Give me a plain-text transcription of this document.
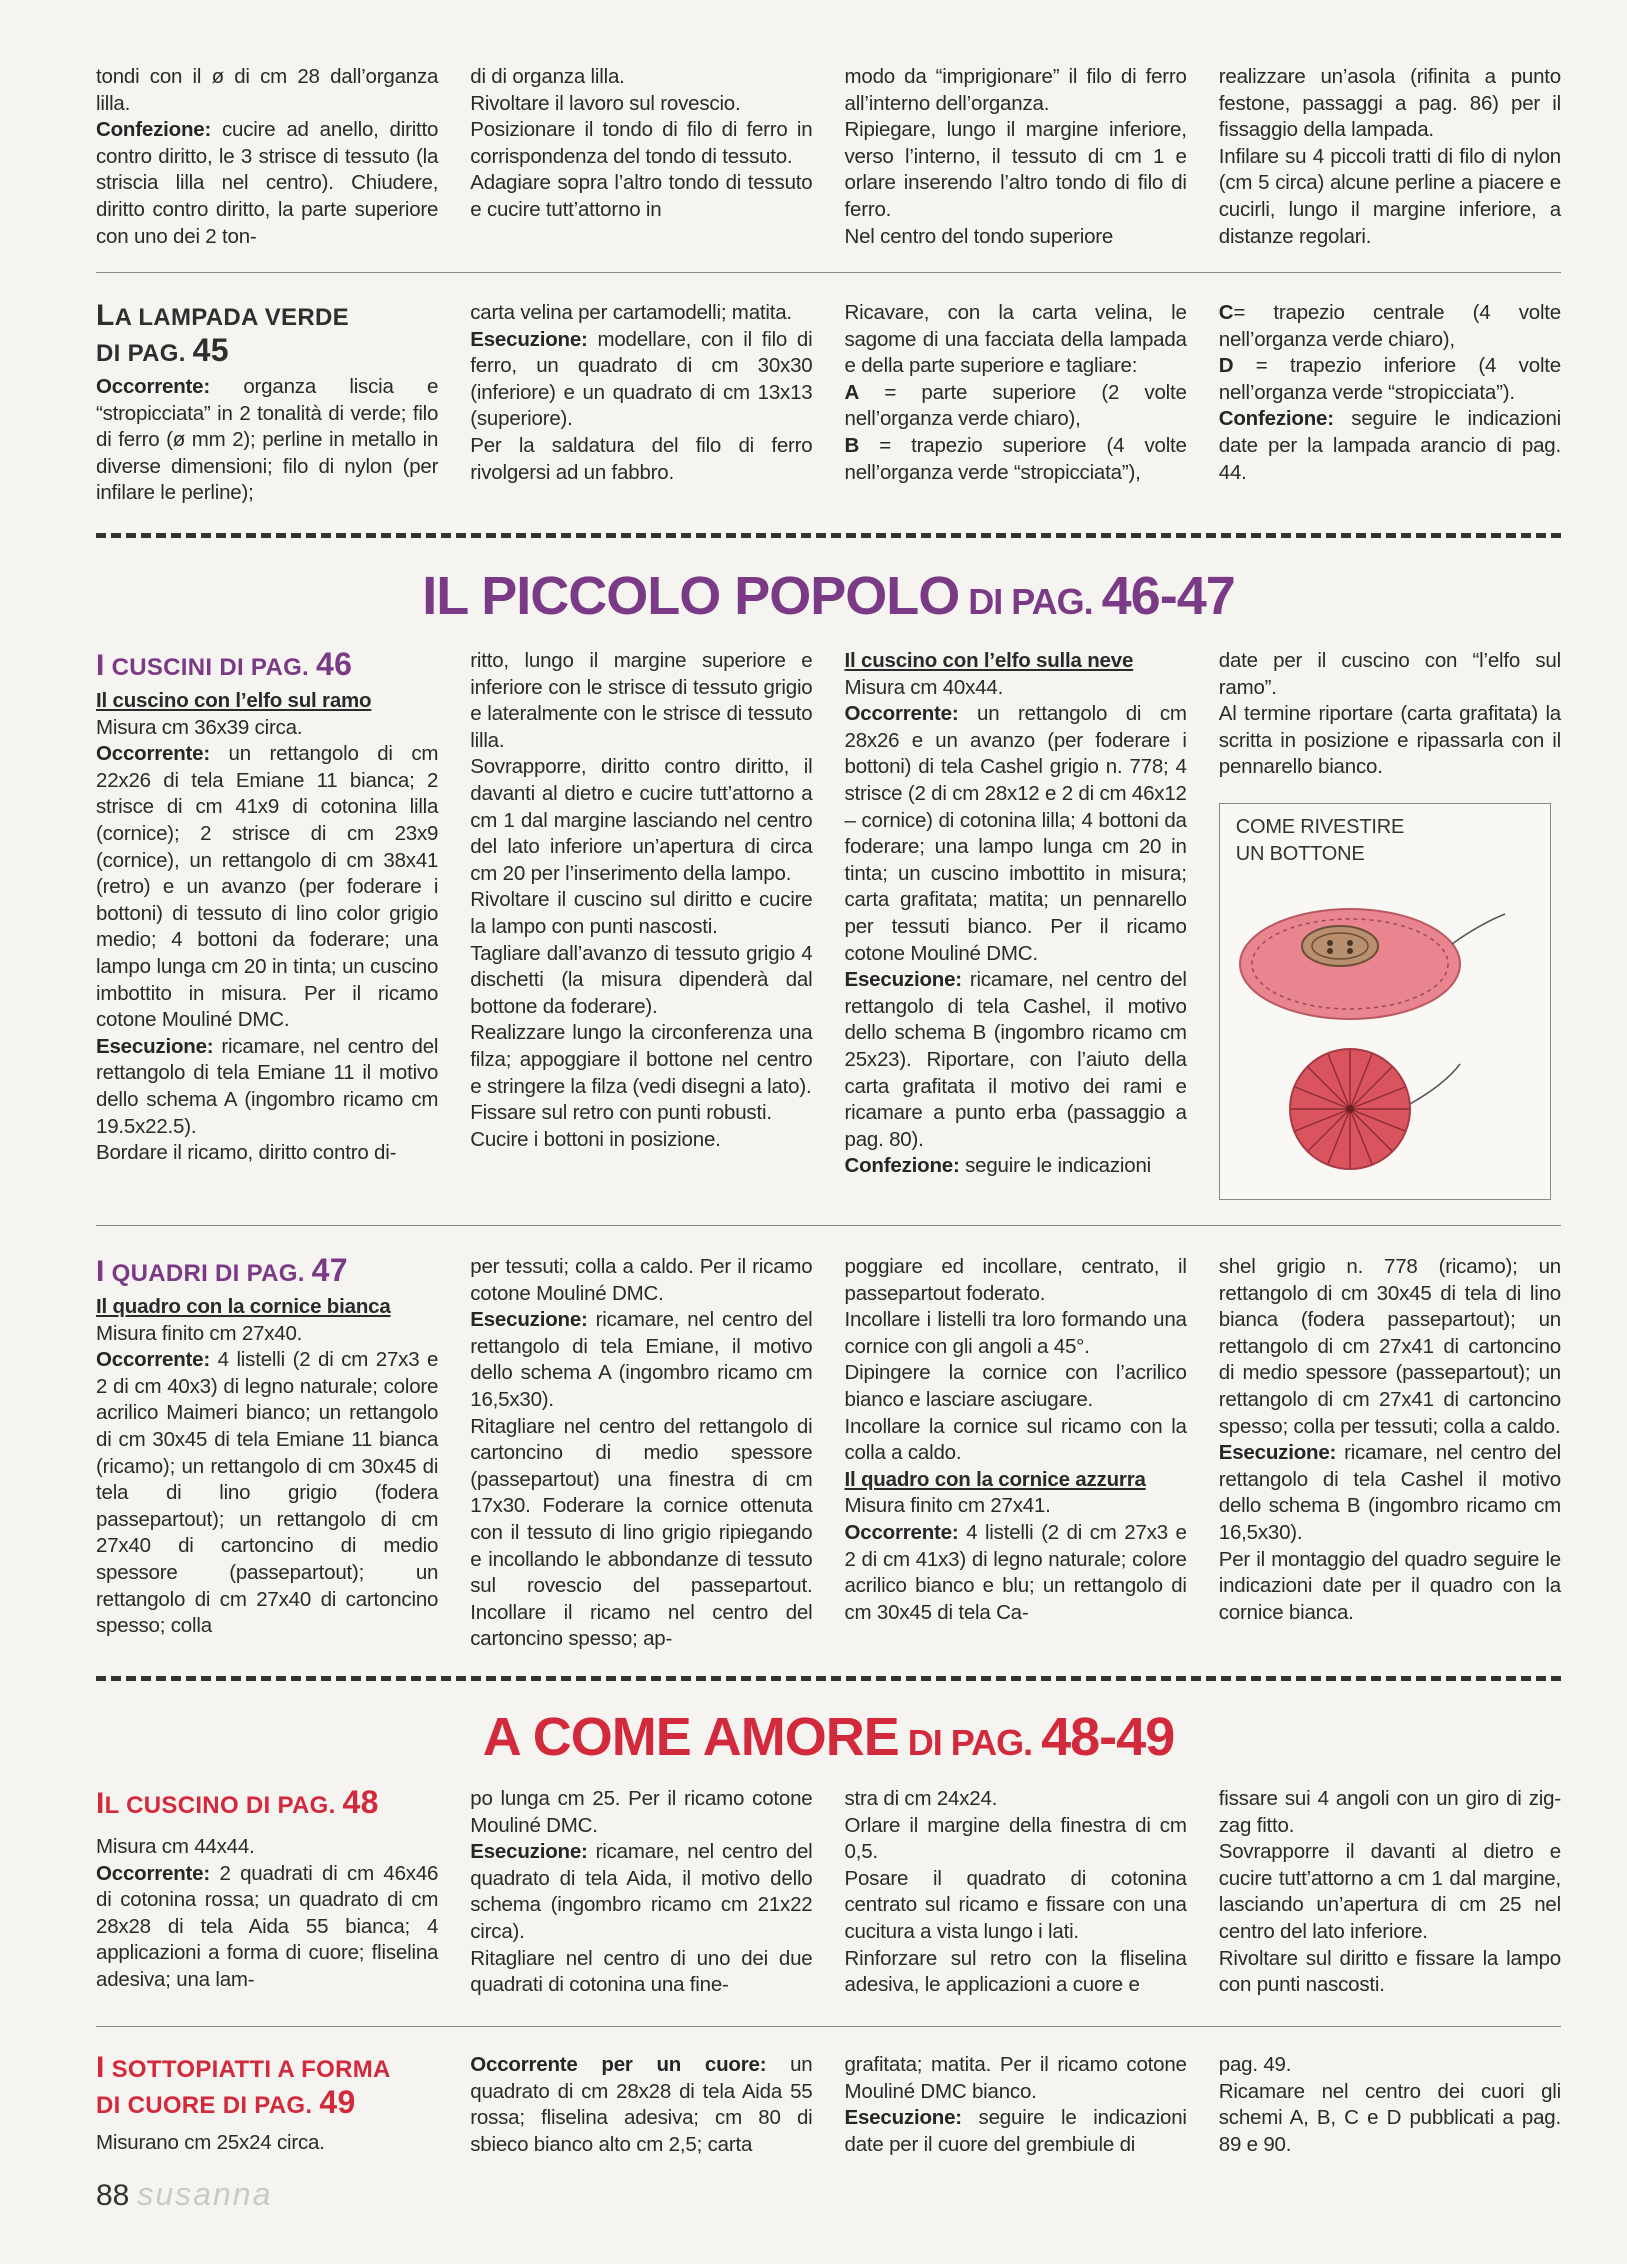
tondi con il ø di cm 28 dall’organza lilla.

Confezione: cucire ad anello, diritto contro diritto, le 3 strisce di tessuto (la striscia lilla nel centro). Chiudere, diritto contro diritto, la parte superiore con uno dei 2 ton-

di di organza lilla.

Rivoltare il lavoro sul rovescio.

Posizionare il tondo di filo di ferro in corrispondenza del tondo di tessuto.

Adagiare sopra l’altro tondo di tessuto e cucire tutt’attorno in

modo da “imprigionare” il filo di ferro all’interno dell’organza.

Ripiegare, lungo il margine inferiore, verso l’interno, il tessuto di cm 1 e orlare inserendo l’altro tondo di filo di ferro.

Nel centro del tondo superiore

realizzare un’asola (rifinita a punto festone, passaggi a pag. 86) per il fissaggio della lampada.

Infilare su 4 piccoli tratti di filo di nylon (cm 5 circa) alcune perline a piacere e cucirli, lungo il margine inferiore, a distanze regolari.

LA LAMPADA VERDE
DI PAG. 45

Occorrente: organza liscia e “stropicciata” in 2 tonalità di verde; filo di ferro (ø mm 2); perline in metallo in diverse dimensioni; filo di nylon (per infilare le perline);

carta velina per cartamodelli; matita.

Esecuzione: modellare, con il filo di ferro, un quadrato di cm 30x30 (inferiore) e un quadrato di cm 13x13 (superiore).

Per la saldatura del filo di ferro rivolgersi ad un fabbro.

Ricavare, con la carta velina, le sagome di una facciata della lampada e della parte superiore e tagliare:

A = parte superiore (2 volte nell’organza verde chiaro),

B = trapezio superiore (4 volte nell’organza verde “stropicciata”),

C= trapezio centrale (4 volte nell’organza verde chiaro),

D = trapezio inferiore (4 volte nell’organza verde “stropicciata”).

Confezione: seguire le indicazioni date per la lampada arancio di pag. 44.

IL PICCOLO POPOLO DI PAG. 46-47
I CUSCINI DI PAG. 46

Il cuscino con l’elfo sul ramo

Misura cm 36x39 circa.

Occorrente: un rettangolo di cm 22x26 di tela Emiane 11 bianca; 2 strisce di cm 41x9 di cotonina lilla (cornice); 2 strisce di cm 23x9 (cornice), un rettangolo di cm 38x41 (retro) e un avanzo (per foderare i bottoni) di tessuto di lino color grigio medio; 4 bottoni da foderare; una lampo lunga cm 20 in tinta; un cuscino imbottito in misura. Per il ricamo cotone Mouliné DMC.

Esecuzione: ricamare, nel centro del rettangolo di tela Emiane 11 il motivo dello schema A (ingombro ricamo cm 19.5x22.5).

Bordare il ricamo, diritto contro di-

ritto, lungo il margine superiore e inferiore con le strisce di tessuto grigio e lateralmente con le strisce di tessuto lilla.

Sovrapporre, diritto contro diritto, il davanti al dietro e cucire tutt’attorno a cm 1 dal margine lasciando nel centro del lato inferiore un’apertura di circa cm 20 per l’inserimento della lampo.

Rivoltare il cuscino sul diritto e cucire la lampo con punti nascosti.

Tagliare dall’avanzo di tessuto grigio 4 dischetti (la misura dipenderà dal bottone da foderare).

Realizzare lungo la circonferenza una filza; appoggiare il bottone nel centro e stringere la filza (vedi disegni a lato).

Fissare sul retro con punti robusti.

Cucire i bottoni in posizione.

Il cuscino con l’elfo sulla neve

Misura cm 40x44.

Occorrente: un rettangolo di cm 28x26 e un avanzo (per foderare i bottoni) di tela Cashel grigio n. 778; 4 strisce (2 di cm 28x12 e 2 di cm 46x12 – cornice) di cotonina lilla; 4 bottoni da foderare; una lampo lunga cm 20 in tinta; un cuscino imbottito in misura; carta grafitata; matita; un pennarello per tessuti bianco. Per il ricamo cotone Mouliné DMC.

Esecuzione: ricamare, nel centro del rettangolo di tela Cashel, il motivo dello schema B (ingombro ricamo cm 25x23). Riportare, con l’aiuto della carta grafitata il motivo dei rami e ricamare a punto erba (passaggio a pag. 80).

Confezione: seguire le indicazioni

date per il cuscino con “l’elfo sul ramo”.

Al termine riportare (carta grafitata) la scritta in posizione e ripassarla con il pennarello bianco.

COME RIVESTIRE
UN BOTTONE
I QUADRI DI PAG. 47

Il quadro con la cornice bianca

Misura finito cm 27x40.

Occorrente: 4 listelli (2 di cm 27x3 e 2 di cm 40x3) di legno naturale; colore acrilico Maimeri bianco; un rettangolo di cm 30x45 di tela Emiane 11 bianca (ricamo); un rettangolo di cm 30x45 di tela di lino grigio (fodera passepartout); un rettangolo di cm 27x40 di cartoncino di medio spessore (passepartout); un rettangolo di cm 27x40 di cartoncino spesso; colla

per tessuti; colla a caldo. Per il ricamo cotone Mouliné DMC.

Esecuzione: ricamare, nel centro del rettangolo di tela Emiane, il motivo dello schema A (ingombro ricamo cm 16,5x30).

Ritagliare nel centro del rettangolo di cartoncino di medio spessore (passepartout) una finestra di cm 17x30. Foderare la cornice ottenuta con il tessuto di lino grigio ripiegando e incollando le abbondanze di tessuto sul rovescio del passepartout. Incollare il ricamo nel centro del cartoncino spesso; ap-

poggiare ed incollare, centrato, il passepartout foderato.

Incollare i listelli tra loro formando una cornice con gli angoli a 45°.

Dipingere la cornice con l’acrilico bianco e lasciare asciugare.

Incollare la cornice sul ricamo con la colla a caldo.

Il quadro con la cornice azzurra

Misura finito cm 27x41.

Occorrente: 4 listelli (2 di cm 27x3 e 2 di cm 41x3) di legno naturale; colore acrilico bianco e blu; un rettangolo di cm 30x45 di tela Ca-

shel grigio n. 778 (ricamo); un rettangolo di cm 30x45 di tela di lino bianca (fodera passepartout); un rettangolo di cm 27x41 di cartoncino di medio spessore (passepartout); un rettangolo di cm 27x41 di cartoncino spesso; colla per tessuti; colla a caldo.

Esecuzione: ricamare, nel centro del rettangolo di tela Cashel il motivo dello schema B (ingombro ricamo cm 16,5x30).

Per il montaggio del quadro seguire le indicazioni date per il quadro con la cornice bianca.

A COME AMORE DI PAG. 48-49
IL CUSCINO DI PAG. 48

Misura cm 44x44.

Occorrente: 2 quadrati di cm 46x46 di cotonina rossa; un quadrato di cm 28x28 di tela Aida 55 bianca; 4 applicazioni a forma di cuore; fliselina adesiva; una lam-

po lunga cm 25. Per il ricamo cotone Mouliné DMC.

Esecuzione: ricamare, nel centro del quadrato di tela Aida, il motivo dello schema (ingombro ricamo cm 21x22 circa).

Ritagliare nel centro di uno dei due quadrati di cotonina una fine-

stra di cm 24x24.

Orlare il margine della finestra di cm 0,5.

Posare il quadrato di cotonina centrato sul ricamo e fissare con una cucitura a vista lungo i lati.

Rinforzare sul retro con la fliselina adesiva, le applicazioni a cuore e

fissare sui 4 angoli con un giro di zig-zag fitto.

Sovrapporre il davanti al dietro e cucire tutt’attorno a cm 1 dal margine, lasciando un’apertura di cm 25 nel centro del lato inferiore.

Rivoltare sul diritto e fissare la lampo con punti nascosti.

I SOTTOPIATTI A FORMA
DI CUORE DI PAG. 49

Misurano cm 25x24 circa.

Occorrente per un cuore: un quadrato di cm 28x28 di tela Aida 55 rossa; fliselina adesiva; cm 80 di sbieco bianco alto cm 2,5; carta

grafitata; matita. Per il ricamo cotone Mouliné DMC bianco.

Esecuzione: seguire le indicazioni date per il cuore del grembiule di

pag. 49.

Ricamare nel centro dei cuori gli schemi A, B, C e D pubblicati a pag. 89 e 90.

88 susanna
